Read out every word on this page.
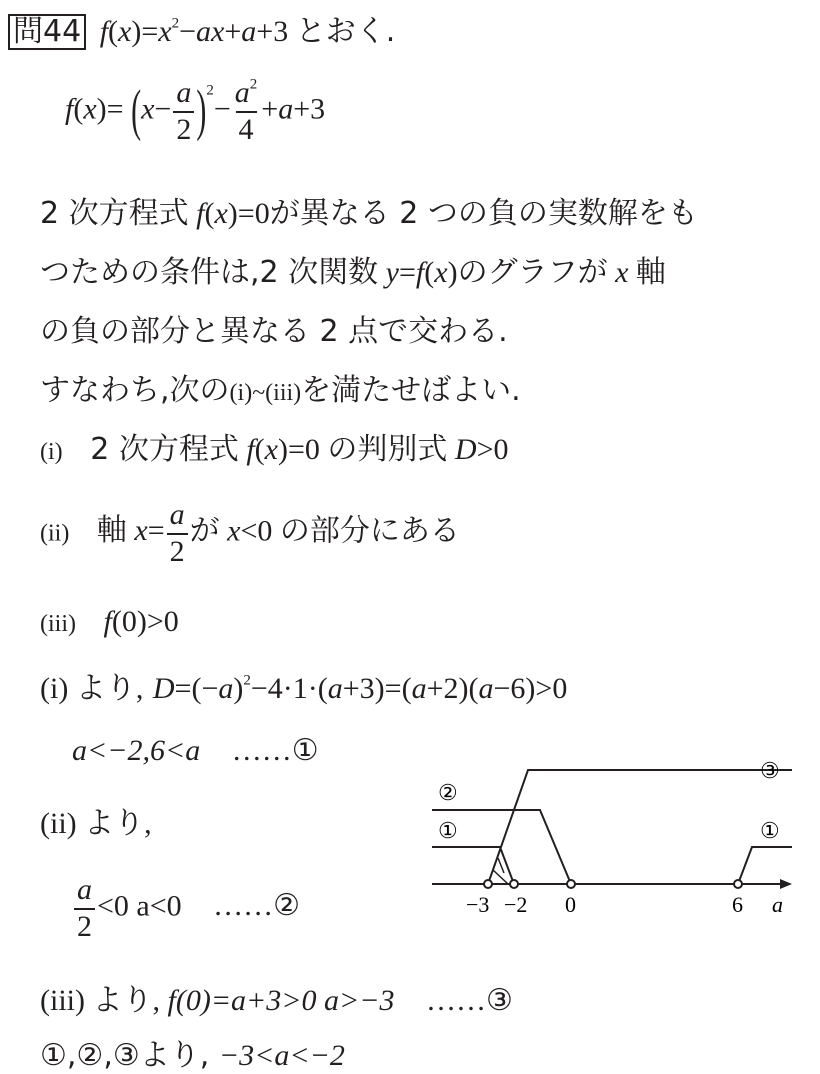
問44 $f(x)=x^2-ax+a+3$ とおく.
$f(x)= (x- \frac{a}{2} )^2- \frac{a^2}{4} +a+3$
2 次方程式 f(x)=0が異なる 2 つの負の実数解をも
つための条件は,2 次関数 y=f(x)のグラフが x 軸
の負の部分と異なる 2 点で交わる.
すなわち,次の(i)~(iii)を満たせばよい.
(i) 2 次方程式 f(x)=0 の判別式 D>0
(ii) 軸 $x= \frac{a}{2}$ が x<0 の部分にある
(iii) f(0)>0
(i) より, $D=(-a)^2-4\cdot 1\cdot(a+3)=(a+2)(a-6)>0$
a<−2,6<a ……①
(ii) より,
$\frac{a}{2} <0$ a<0 ……②
(iii) より, f(0)=a+3>0 a>−3 ……③
①,②,③より, −3<a<−2
a
−3 −2 0	6
③
②
①	①
